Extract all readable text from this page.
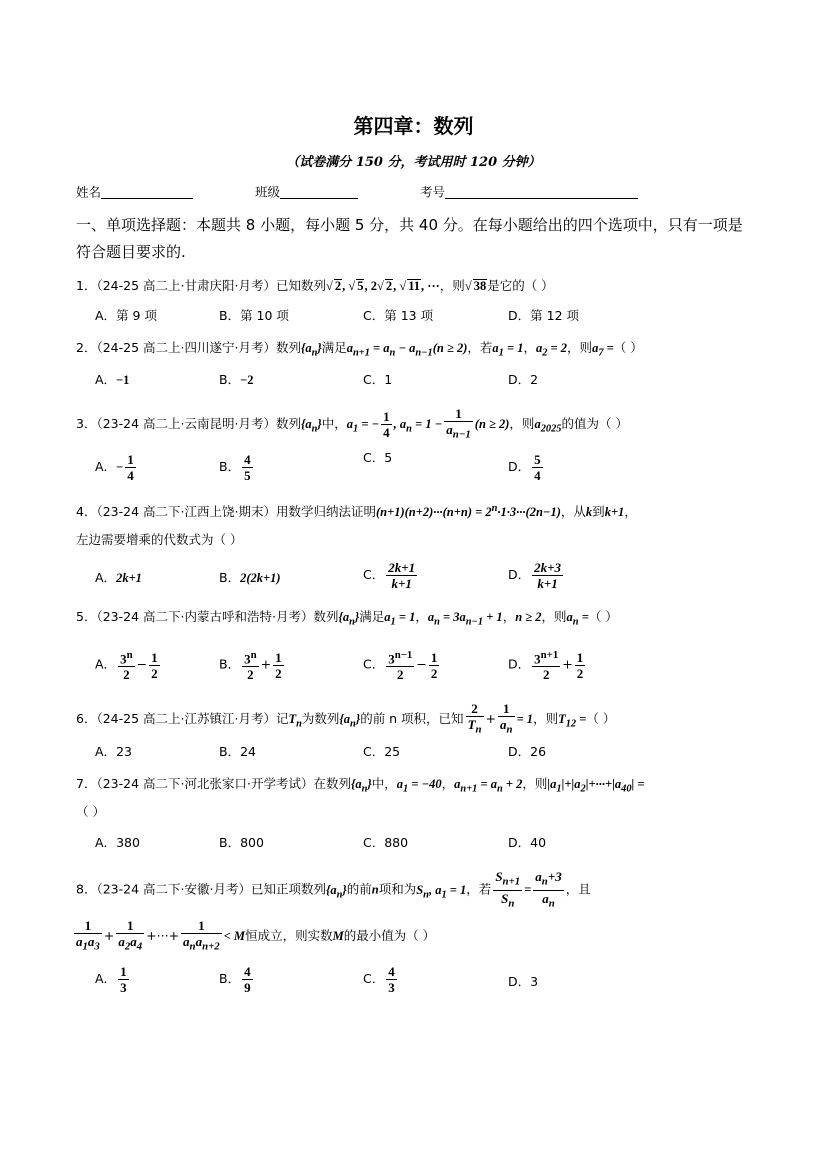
第四章：数列
（试卷满分 150 分，考试用时 120 分钟）
姓名	班级	考号
一、单项选择题：本题共 8 小题，每小题 5 分，共 40 分。在每小题给出的四个选项中，只有一项是符合题目要求的.
1．（24-25 高二上·甘肃庆阳·月考）已知数列√ 2, √ 5, 2√ 2, √ 11, ···，则√ 38是它的（ ）
A．第 9 项	B．第 10 项	C．第 13 项	D．第 12 项
2．（24-25 高二上·四川遂宁·月考）数列$\{a_n\}$满足$a_{n+1} = a_n - a_{n-1}(n \ge 2)$，若$a_1 = 1$，$a_2 = 2$，则$a_7$ =（ ）
A．−1	B．−2	C．1	D．2
3．（23-24 高二上·云南昆明·月考）数列$\{a_n\}$中，$a_1$ = − $\frac{1}{4}$ , $a_n = 1 - \frac{1}{a_{n-1}} (n \ge 2)$，则$a_{2025}$的值为（ ）
A．− $\frac{1}{4}$	B． $\frac{4}{5}$	C．5
D． $\frac{5}{4}$
4．（23-24 高二下·江西上饶·期末）用数学归纳法证明$(n+1)(n+2)\cdot\cdot\cdot(n+n) = 2^n\cdot 1\cdot 3\cdot\cdot\cdot(2n-1)$，从k到k+1，
左边需要增乘的代数式为（ ）
A．2k+1	B．2(2k+1)	C． $\frac{2k+1}{k+1}$	D． $\frac{2k+3}{k+1}$
5．（23-24 高二下·内蒙古呼和浩特·月考）数列$\{a_n\}$满足$a_1 = 1$，$a_n = 3a_{n-1} + 1$，n ≥ 2，则$a_n$ =（ ）
A． $\frac{3^n}{2} - \frac{1}{2}$	B． $\frac{3^n}{2} + \frac{1}{2}$	C． $\frac{3^{n-1}}{2} - \frac{1}{2}$	D． $\frac{3^{n+1}}{2} + \frac{1}{2}$
6．（24-25 高二上·江苏镇江·月考）记$T_n$为数列$\{a_n\}$的前 n 项积，已知 $\frac{2}{T_n} + \frac{1}{a_n} = 1$，则$T_{12}$ =（ ）
A．23	B．24	C．25	D．26
7．（23-24 高二下·河北张家口·开学考试）在数列$\{a_n\}$中，$a_1 = -40$，$a_{n+1} = a_n + 2$，则$|a_1|+|a_2|+\cdot\cdot\cdot+|a_{40}|$ =
（ ）
A．380	B．800	C．880	D．40
8．（23-24 高二下·安徽·月考）已知正项数列$\{a_n\}$的前n项和为$S_n$, $a_1 = 1$，若 $\frac{S_{n+1}}{S_n} = \frac{a_n+3}{a_n}$ ，且
$\frac{1}{a_1a_3} + \frac{1}{a_2a_4}$ +···+
1
$a_na_{n+2}$
< M恒成立，则实数M的最小值为（ ）
A． $\frac{1}{3}$	B． $\frac{4}{9}$	C． $\frac{4}{3}$	D．3
